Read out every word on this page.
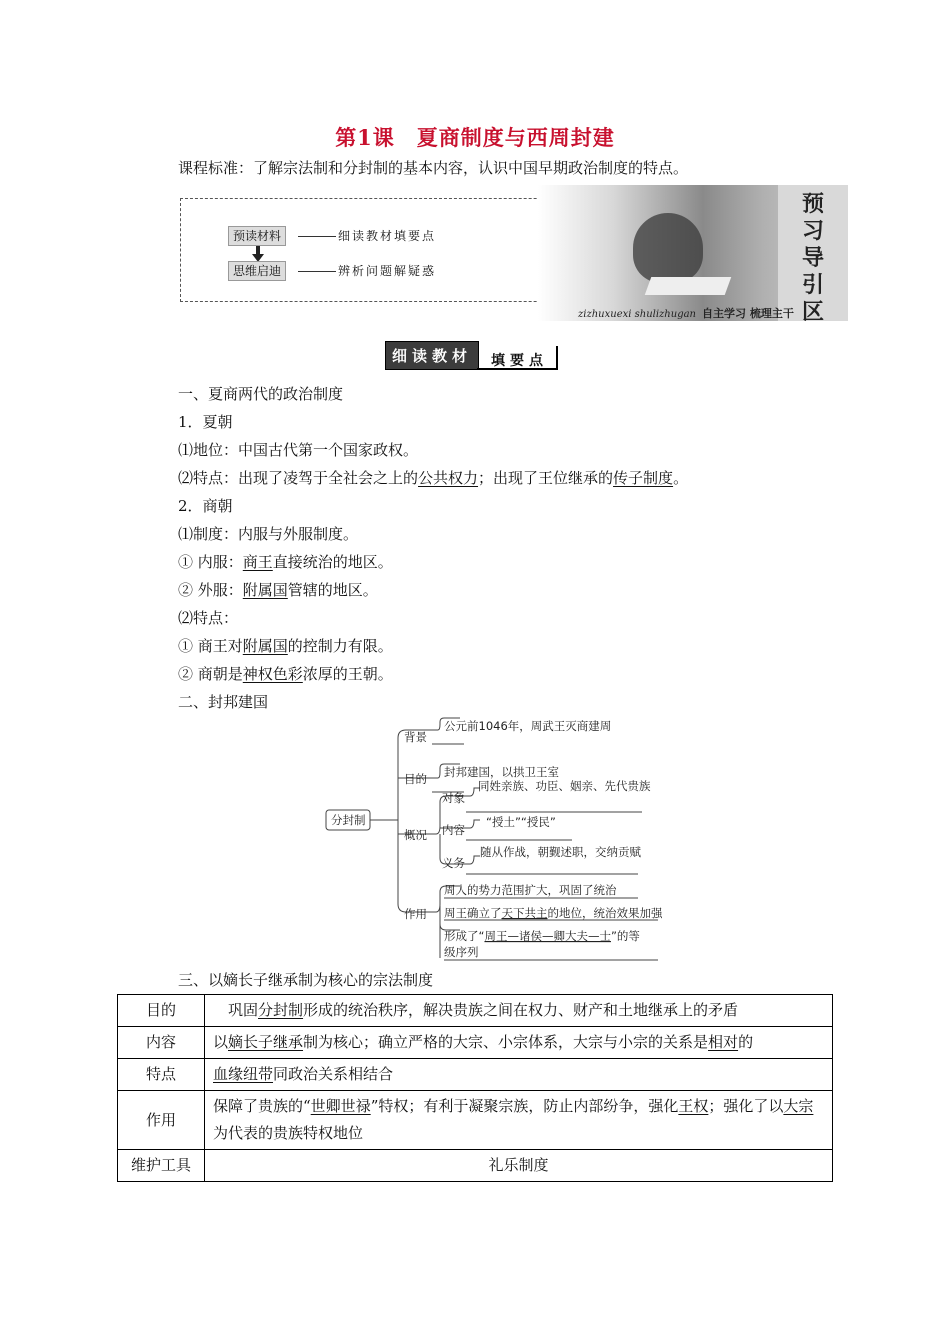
第1课　夏商制度与西周封建
课程标准：了解宗法制和分封制的基本内容，认识中国早期政治制度的特点。
预读材料	细读教材填要点
思维启迪	辨析问题解疑惑
预
习
导
引
区
zizhuxuexi shulizhugan 自主学习 梳理主干
细读教材	填要点
一、夏商两代的政治制度
1．夏朝
⑴地位：中国古代第一个国家政权。
⑵特点：出现了凌驾于全社会之上的公共权力；出现了王位继承的传子制度。
2．商朝
⑴制度：内服与外服制度。
① 内服：商王直接统治的地区。
② 外服：附属国管辖的地区。
⑵特点：
① 商王对附属国的控制力有限。
② 商朝是神权色彩浓厚的王朝。
二、封邦建国
分封制
背景
公元前1046年，周武王灭商建周
目的 封邦建国，以拱卫王室
概况
对象
同姓亲族、功臣、姻亲、先代贵族
内容
“授土”“授民”
义务
随从作战，朝觐述职，交纳贡赋
作用
周人的势力范围扩大，巩固了统治
周王确立了天下共主的地位，统治效果加强
形成了“周王—诸侯—卿大夫—士”的等
级序列
三、以嫡长子继承制为核心的宗法制度
目的	　巩固分封制形成的统治秩序，解决贵族之间在权力、财产和土地继承上的矛盾
内容	以嫡长子继承制为核心；确立严格的大宗、小宗体系，大宗与小宗的关系是相对的
特点	血缘纽带同政治关系相结合
作用	保障了贵族的“世卿世禄”特权；有利于凝聚宗族，防止内部纷争，强化王权；强化了以大宗为代表的贵族特权地位
维护工具	礼乐制度
